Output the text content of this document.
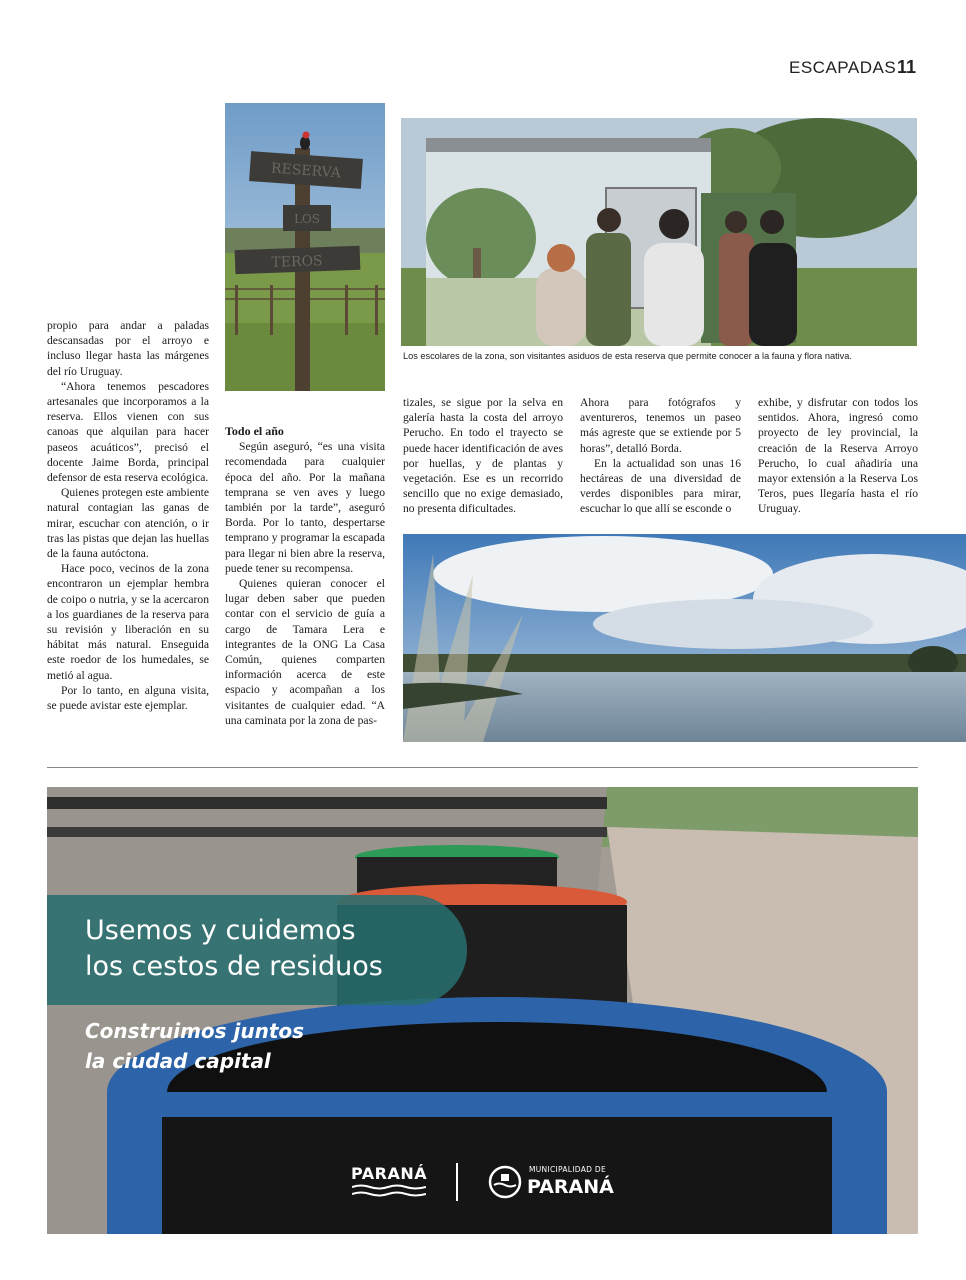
ESCAPADAS 11
RESERVA
LOS
TEROS
Los escolares de la zona, son visitantes asiduos de esta reserva que permite conocer a la fauna y flora nativa.

propio para andar a paladas descansadas por el arroyo e incluso llegar hasta las márgenes del río Uruguay.

“Ahora tenemos pescadores artesanales que incorporamos a la reserva. Ellos vienen con sus canoas que alquilan para hacer paseos acuáticos”, precisó el docente Jaime Borda, principal defensor de esta reserva ecológica.

Quienes protegen este ambiente natural contagian las ganas de mirar, escuchar con atención, o ir tras las pistas que dejan las huellas de la fauna autóctona.

Hace poco, vecinos de la zona encontraron un ejemplar hembra de coipo o nutria, y se la acercaron a los guardianes de la reserva para su revisión y liberación en su hábitat más natural. Enseguida este roedor de los humedales, se metió al agua.

Por lo tanto, en alguna visita, se puede avistar este ejemplar.

Todo el año

Según aseguró, “es una visita recomendada para cualquier época del año. Por la mañana temprana se ven aves y luego también por la tarde”, aseguró Borda. Por lo tanto, despertarse temprano y programar la escapada para llegar ni bien abre la reserva, puede tener su recompensa.

Quienes quieran conocer el lugar deben saber que pueden contar con el servicio de guía a cargo de Tamara Lera e integrantes de la ONG La Casa Común, quienes comparten información acerca de este espacio y acompañan a los visitantes de cualquier edad. “A una caminata por la zona de pas-

tizales, se sigue por la selva en galería hasta la costa del arroyo Perucho. En todo el trayecto se puede hacer identificación de aves por huellas, y de plantas y vegetación. Ese es un recorrido sencillo que no exige demasiado, no presenta dificultades.

Ahora para fotógrafos y aventureros, tenemos un paseo más agreste que se extiende por 5 horas”, detalló Borda.

En la actualidad son unas 16 hectáreas de una diversidad de verdes disponibles para mirar, escuchar lo que allí se esconde o

exhibe, y disfrutar con todos los sentidos. Ahora, ingresó como proyecto de ley provincial, la creación de la Reserva Arroyo Perucho, lo cual añadiría una mayor extensión a la Reserva Los Teros, pues llegaría hasta el río Uruguay.

Usemos y cuidemos
los cestos de residuos
Construimos juntos
la ciudad capital
PARANÁ	MUNICIPALIDAD DE
PARANÁ
